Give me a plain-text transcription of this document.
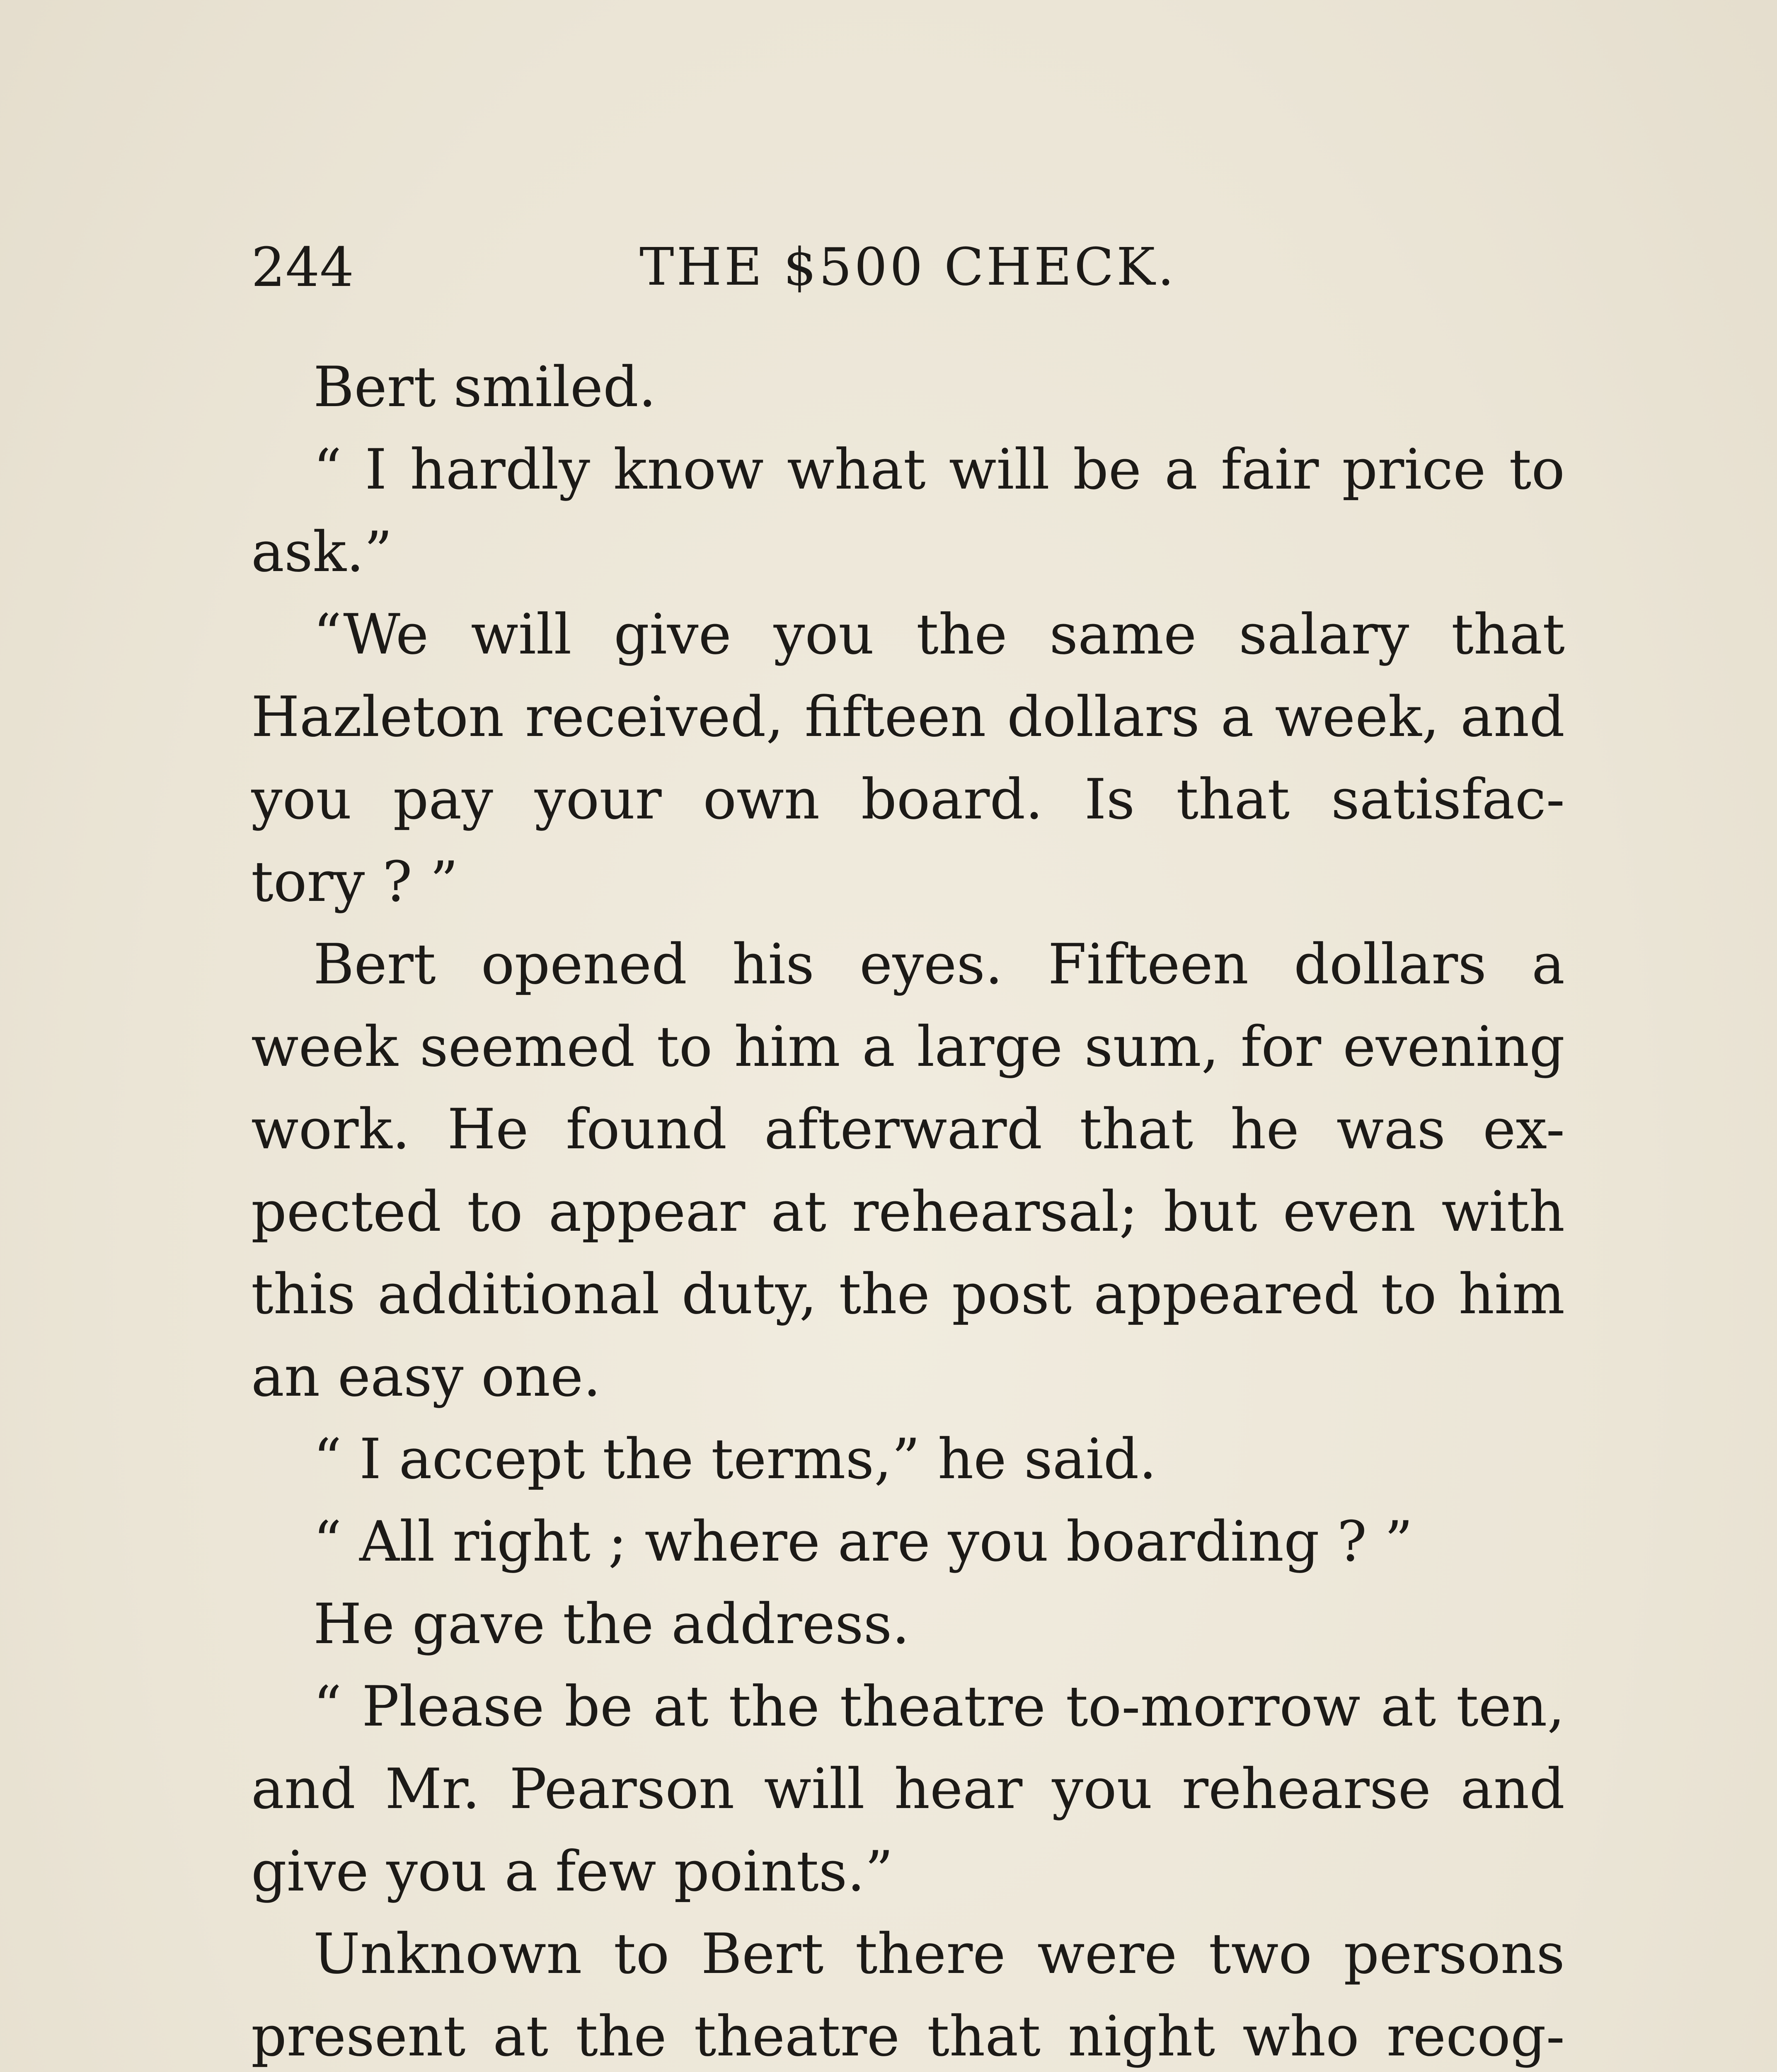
244	THE $500 CHECK.
Bert smiled.
“ I hardly know what will be a fair price to
ask.”
“We will give you the same salary that
Hazleton received, fifteen dollars a week, and
you pay your own board. Is that satisfac-
tory ? ”
Bert opened his eyes. Fifteen dollars a
week seemed to him a large sum, for evening
work. He found afterward that he was ex-
pected to appear at rehearsal; but even with
this additional duty, the post appeared to him
an easy one.
“ I accept the terms,” he said.
“ All right ; where are you boarding ? ”
He gave the address.
“ Please be at the theatre to-morrow at ten,
and Mr. Pearson will hear you rehearse and
give you a few points.”
Unknown to Bert there were two persons
present at the theatre that night who recog-
